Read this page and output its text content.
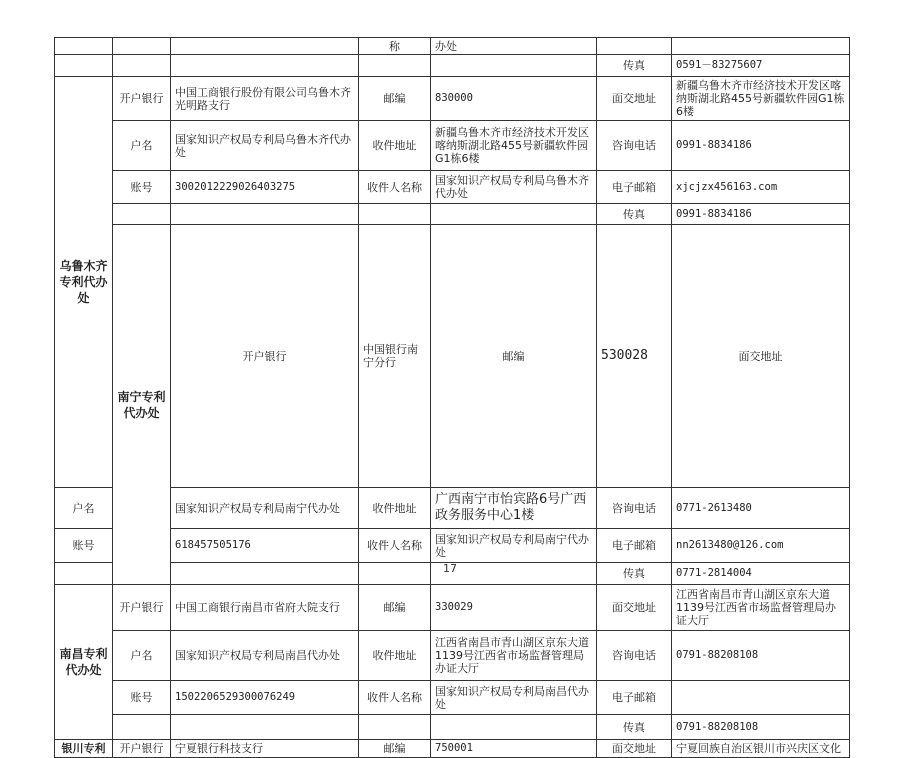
			称	办处			
					传真	0591－83275607	
乌鲁木齐专利代办处	开户银行	中国工商银行股份有限公司乌鲁木齐光明路支行	邮编	830000	面交地址	新疆乌鲁木齐市经济技术开发区喀纳斯湖北路455号新疆软件园G1栋6楼	
	户名	国家知识产权局专利局乌鲁木齐代办处	收件地址	新疆乌鲁木齐市经济技术开发区喀纳斯湖北路455号新疆软件园G1栋6楼	咨询电话	0991-8834186	
	账号	3002012229026403275	收件人名称	国家知识产权局专利局乌鲁木齐代办处	电子邮箱	xjcjzx456163.com	
					传真	0991-8834186	
	南宁专利代办处	开户银行	中国银行南宁分行	邮编	530028	面交地址	
户名		国家知识产权局专利局南宁代办处	收件地址	广西南宁市怡宾路6号广西政务服务中心1楼	咨询电话	0771-2613480	
账号		618457505176	收件人名称	国家知识产权局专利局南宁代办处	电子邮箱	nn2613480@126.com	
					传真	0771-2814004	
南昌专利代办处	开户银行	中国工商银行南昌市省府大院支行	邮编	330029	面交地址	江西省南昌市青山湖区京东大道1139号江西省市场监督管理局办证大厅	
	户名	国家知识产权局专利局南昌代办处	收件地址	江西省南昌市青山湖区京东大道1139号江西省市场监督管理局办证大厅	咨询电话	0791-88208108	
	账号	1502206529300076249	收件人名称	国家知识产权局专利局南昌代办处	电子邮箱		
					传真	0791-88208108	
银川专利	开户银行	宁夏银行科技支行	邮编	750001	面交地址	宁夏回族自治区银川市兴庆区文化	
17
